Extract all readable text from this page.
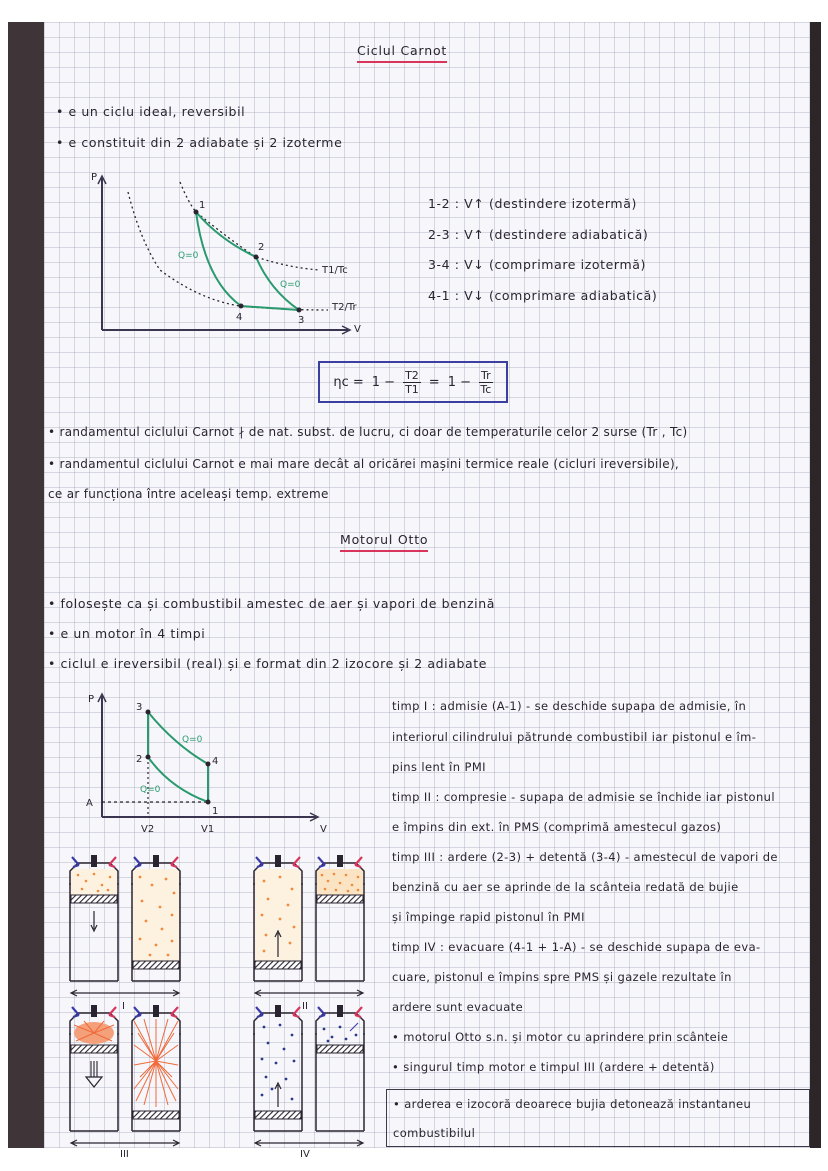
Ciclul Carnot
• e un ciclu ideal, reversibil
• e constituit din 2 adiabate și 2 izoterme
P
V
1
2
3
4
Q=0
Q=0
T1/Tc
T2/Tr
1-2 : V↑ (destindere izotermă)
2-3 : V↑ (destindere adiabatică)
3-4 : V↓ (comprimare izotermă)
4-1 : V↓ (comprimare adiabatică)
$\eta c = 1 - \frac{T2}{T1} = 1 - \frac{Tr}{Tc}$
• randamentul ciclului Carnot ∤ de nat. subst. de lucru, ci doar de temperaturile celor 2 surse (Tr , Tc)
• randamentul ciclului Carnot e mai mare decât al oricărei mașini termice reale (cicluri ireversibile),
ce ar funcționa între aceleași temp. extreme
Motorul Otto
• folosește ca și combustibil amestec de aer și vapori de benzină
• e un motor în 4 timpi
• ciclul e ireversibil (real) și e format din 2 izocore și 2 adiabate
P
V
3
2	4
1
A
V2	V1
Q=0
Q=0
timp I : admisie (A-1) - se deschide supapa de admisie, în
interiorul cilindrului pătrunde combustibil iar pistonul e îm-
pins lent în PMI
timp II : compresie - supapa de admisie se închide iar pistonul
e împins din ext. în PMS (comprimă amestecul gazos)
timp III : ardere (2-3) + detentă (3-4) - amestecul de vapori de
benzină cu aer se aprinde de la scânteia redată de bujie
și împinge rapid pistonul în PMI
timp IV : evacuare (4-1 + 1-A) - se deschide supapa de eva-
cuare, pistonul e împins spre PMS și gazele rezultate în
ardere sunt evacuate
• motorul Otto s.n. și motor cu aprindere prin scânteie
• singurul timp motor e timpul III (ardere + detentă)
• arderea e izocoră deoarece bujia detonează instantaneu
combustibilul
I	II
III	IV
